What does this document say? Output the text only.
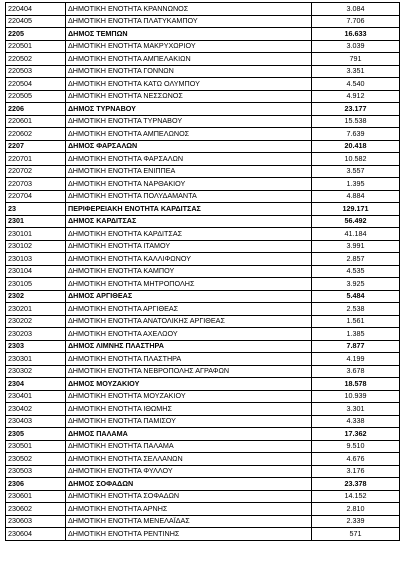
220404	ΔΗΜΟΤΙΚΗ ΕΝΟΤΗΤΑ ΚΡΑΝΝΩΝΟΣ	3.084
220405	ΔΗΜΟΤΙΚΗ ΕΝΟΤΗΤΑ ΠΛΑΤΥΚΑΜΠΟΥ	7.706
2205	ΔΗΜΟΣ ΤΕΜΠΩΝ	16.633
220501	ΔΗΜΟΤΙΚΗ ΕΝΟΤΗΤΑ ΜΑΚΡΥΧΩΡΙΟΥ	3.039
220502	ΔΗΜΟΤΙΚΗ ΕΝΟΤΗΤΑ ΑΜΠΕΛΑΚΙΩΝ	791
220503	ΔΗΜΟΤΙΚΗ ΕΝΟΤΗΤΑ ΓΟΝΝΩΝ	3.351
220504	ΔΗΜΟΤΙΚΗ ΕΝΟΤΗΤΑ ΚΑΤΩ ΟΛΥΜΠΟΥ	4.540
220505	ΔΗΜΟΤΙΚΗ ΕΝΟΤΗΤΑ ΝΕΣΣΩΝΟΣ	4.912
2206	ΔΗΜΟΣ ΤΥΡΝΑΒΟΥ	23.177
220601	ΔΗΜΟΤΙΚΗ ΕΝΟΤΗΤΑ ΤΥΡΝΑΒΟΥ	15.538
220602	ΔΗΜΟΤΙΚΗ ΕΝΟΤΗΤΑ ΑΜΠΕΛΩΝΟΣ	7.639
2207	ΔΗΜΟΣ ΦΑΡΣΑΛΩΝ	20.418
220701	ΔΗΜΟΤΙΚΗ ΕΝΟΤΗΤΑ ΦΑΡΣΑΛΩΝ	10.582
220702	ΔΗΜΟΤΙΚΗ ΕΝΟΤΗΤΑ ΕΝΙΠΠΕΑ	3.557
220703	ΔΗΜΟΤΙΚΗ ΕΝΟΤΗΤΑ ΝΑΡΘΑΚΙΟΥ	1.395
220704	ΔΗΜΟΤΙΚΗ ΕΝΟΤΗΤΑ ΠΟΛΥΔΑΜΑΝΤΑ	4.884
23	ΠΕΡΙΦΕΡΕΙΑΚΗ ΕΝΟΤΗΤΑ ΚΑΡΔΙΤΣΑΣ	129.171
2301	ΔΗΜΟΣ ΚΑΡΔΙΤΣΑΣ	56.492
230101	ΔΗΜΟΤΙΚΗ ΕΝΟΤΗΤΑ ΚΑΡΔΙΤΣΑΣ	41.184
230102	ΔΗΜΟΤΙΚΗ ΕΝΟΤΗΤΑ ΙΤΑΜΟΥ	3.991
230103	ΔΗΜΟΤΙΚΗ ΕΝΟΤΗΤΑ ΚΑΛΛΙΦΩΝΟΥ	2.857
230104	ΔΗΜΟΤΙΚΗ ΕΝΟΤΗΤΑ ΚΑΜΠΟΥ	4.535
230105	ΔΗΜΟΤΙΚΗ ΕΝΟΤΗΤΑ ΜΗΤΡΟΠΟΛΗΣ	3.925
2302	ΔΗΜΟΣ ΑΡΓΙΘΕΑΣ	5.484
230201	ΔΗΜΟΤΙΚΗ ΕΝΟΤΗΤΑ ΑΡΓΙΘΕΑΣ	2.538
230202	ΔΗΜΟΤΙΚΗ ΕΝΟΤΗΤΑ ΑΝΑΤΟΛΙΚΗΣ ΑΡΓΙΘΕΑΣ	1.561
230203	ΔΗΜΟΤΙΚΗ ΕΝΟΤΗΤΑ ΑΧΕΛΩΟΥ	1.385
2303	ΔΗΜΟΣ ΛΙΜΝΗΣ ΠΛΑΣΤΗΡΑ	7.877
230301	ΔΗΜΟΤΙΚΗ ΕΝΟΤΗΤΑ ΠΛΑΣΤΗΡΑ	4.199
230302	ΔΗΜΟΤΙΚΗ ΕΝΟΤΗΤΑ ΝΕΒΡΟΠΟΛΗΣ ΑΓΡΑΦΩΝ	3.678
2304	ΔΗΜΟΣ ΜΟΥΖΑΚΙΟΥ	18.578
230401	ΔΗΜΟΤΙΚΗ ΕΝΟΤΗΤΑ ΜΟΥΖΑΚΙΟΥ	10.939
230402	ΔΗΜΟΤΙΚΗ ΕΝΟΤΗΤΑ ΙΘΩΜΗΣ	3.301
230403	ΔΗΜΟΤΙΚΗ ΕΝΟΤΗΤΑ ΠΑΜΙΣΟΥ	4.338
2305	ΔΗΜΟΣ ΠΑΛΑΜΑ	17.362
230501	ΔΗΜΟΤΙΚΗ ΕΝΟΤΗΤΑ ΠΑΛΑΜΑ	9.510
230502	ΔΗΜΟΤΙΚΗ ΕΝΟΤΗΤΑ ΣΕΛΛΑΝΩΝ	4.676
230503	ΔΗΜΟΤΙΚΗ ΕΝΟΤΗΤΑ ΦΥΛΛΟΥ	3.176
2306	ΔΗΜΟΣ ΣΟΦΑΔΩΝ	23.378
230601	ΔΗΜΟΤΙΚΗ ΕΝΟΤΗΤΑ ΣΟΦΑΔΩΝ	14.152
230602	ΔΗΜΟΤΙΚΗ ΕΝΟΤΗΤΑ ΑΡΝΗΣ	2.810
230603	ΔΗΜΟΤΙΚΗ ΕΝΟΤΗΤΑ ΜΕΝΕΛΑΪΔΑΣ	2.339
230604	ΔΗΜΟΤΙΚΗ ΕΝΟΤΗΤΑ ΡΕΝΤΙΝΗΣ	571
